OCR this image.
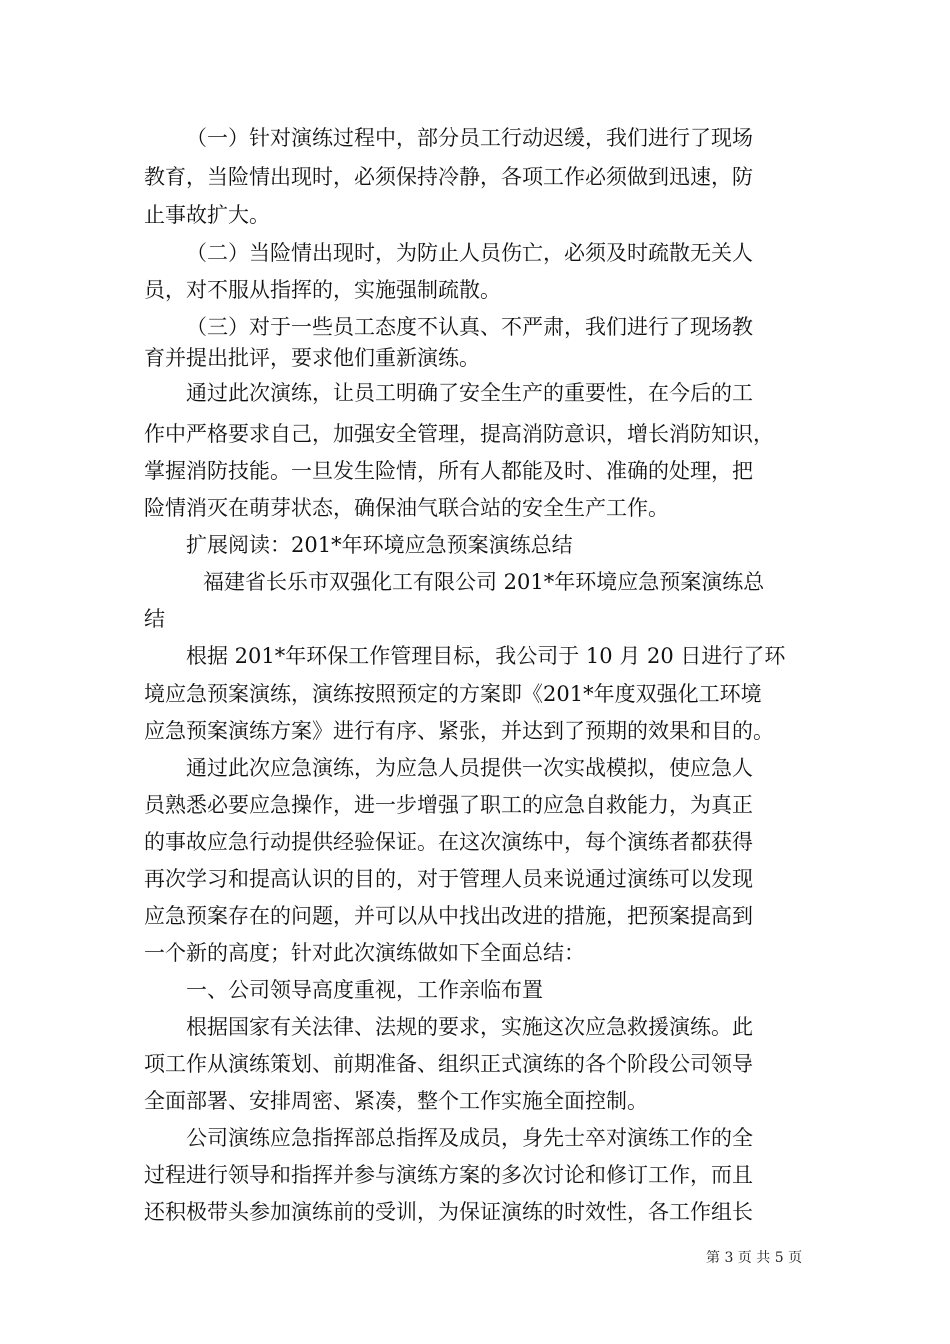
（一）针对演练过程中，部分员工行动迟缓，我们进行了现场
教育，当险情出现时，必须保持冷静，各项工作必须做到迅速，防
止事故扩大。
（二）当险情出现时，为防止人员伤亡，必须及时疏散无关人
员，对不服从指挥的，实施强制疏散。
（三）对于一些员工态度不认真、不严肃，我们进行了现场教
育并提出批评，要求他们重新演练。
通过此次演练，让员工明确了安全生产的重要性，在今后的工
作中严格要求自己，加强安全管理，提高消防意识，增长消防知识，
掌握消防技能。一旦发生险情，所有人都能及时、准确的处理，把
险情消灭在萌芽状态，确保油气联合站的安全生产工作。
扩展阅读：201*年环境应急预案演练总结
福建省长乐市双强化工有限公司 201*年环境应急预案演练总
结
根据 201*年环保工作管理目标，我公司于 10 月 20 日进行了环
境应急预案演练，演练按照预定的方案即《201*年度双强化工环境
应急预案演练方案》进行有序、紧张，并达到了预期的效果和目的。
通过此次应急演练，为应急人员提供一次实战模拟，使应急人
员熟悉必要应急操作，进一步增强了职工的应急自救能力，为真正
的事故应急行动提供经验保证。在这次演练中，每个演练者都获得
再次学习和提高认识的目的，对于管理人员来说通过演练可以发现
应急预案存在的问题，并可以从中找出改进的措施，把预案提高到
一个新的高度；针对此次演练做如下全面总结：
一、公司领导高度重视，工作亲临布置
根据国家有关法律、法规的要求，实施这次应急救援演练。此
项工作从演练策划、前期准备、组织正式演练的各个阶段公司领导
全面部署、安排周密、紧凑，整个工作实施全面控制。
公司演练应急指挥部总指挥及成员，身先士卒对演练工作的全
过程进行领导和指挥并参与演练方案的多次讨论和修订工作，而且
还积极带头参加演练前的受训，为保证演练的时效性，各工作组长
第 3 页 共 5 页
